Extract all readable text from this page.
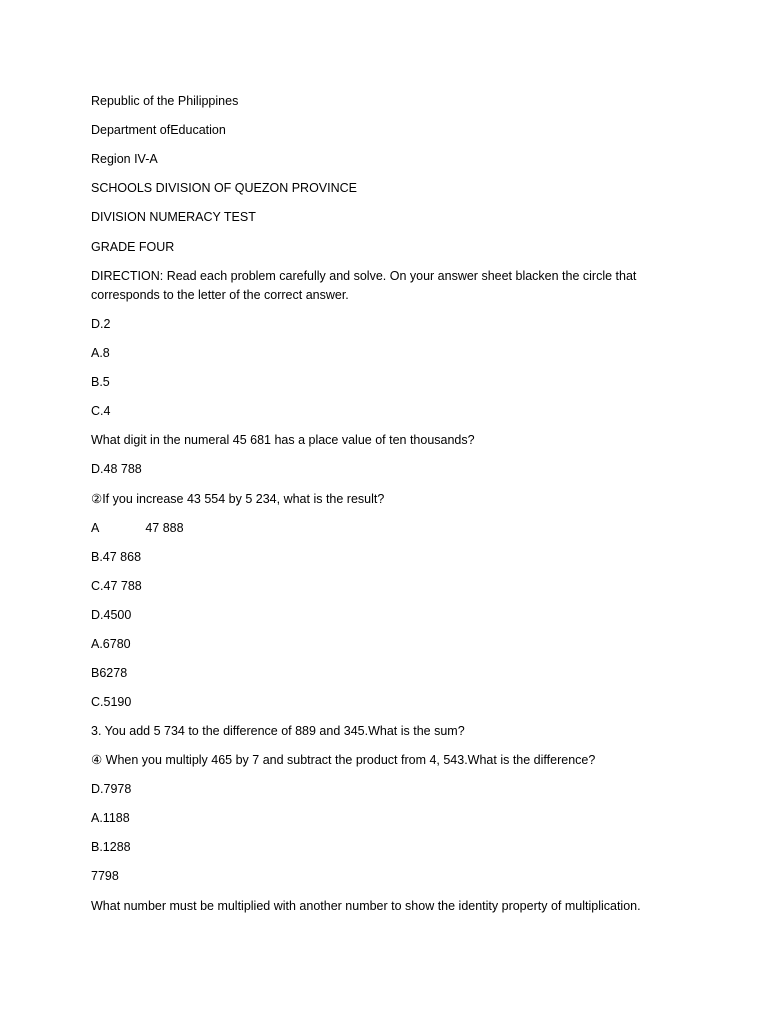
Republic of the Philippines

Department ofEducation

Region IV-A

SCHOOLS DIVISION OF QUEZON PROVINCE

DIVISION NUMERACY TEST

GRADE FOUR

DIRECTION: Read each problem carefully and solve. On your answer sheet blacken the circle that corresponds to the letter of the correct answer.

D.2

A.8

B.5

C.4

What digit in the numeral 45 681 has a place value of ten thousands?

D.48 788

②If you increase 43 554 by 5 234, what is the result?

A	47 888

B.47 868

C.47 788

D.4500

A.6780

B6278

C.5190

3. You add 5 734 to the difference of 889 and 345.What is the sum?

④ When you multiply 465 by 7 and subtract the product from 4, 543.What is the difference?

D.7978

A.1188

B.1288

7798

What number must be multiplied with another number to show the identity property of multiplication.
